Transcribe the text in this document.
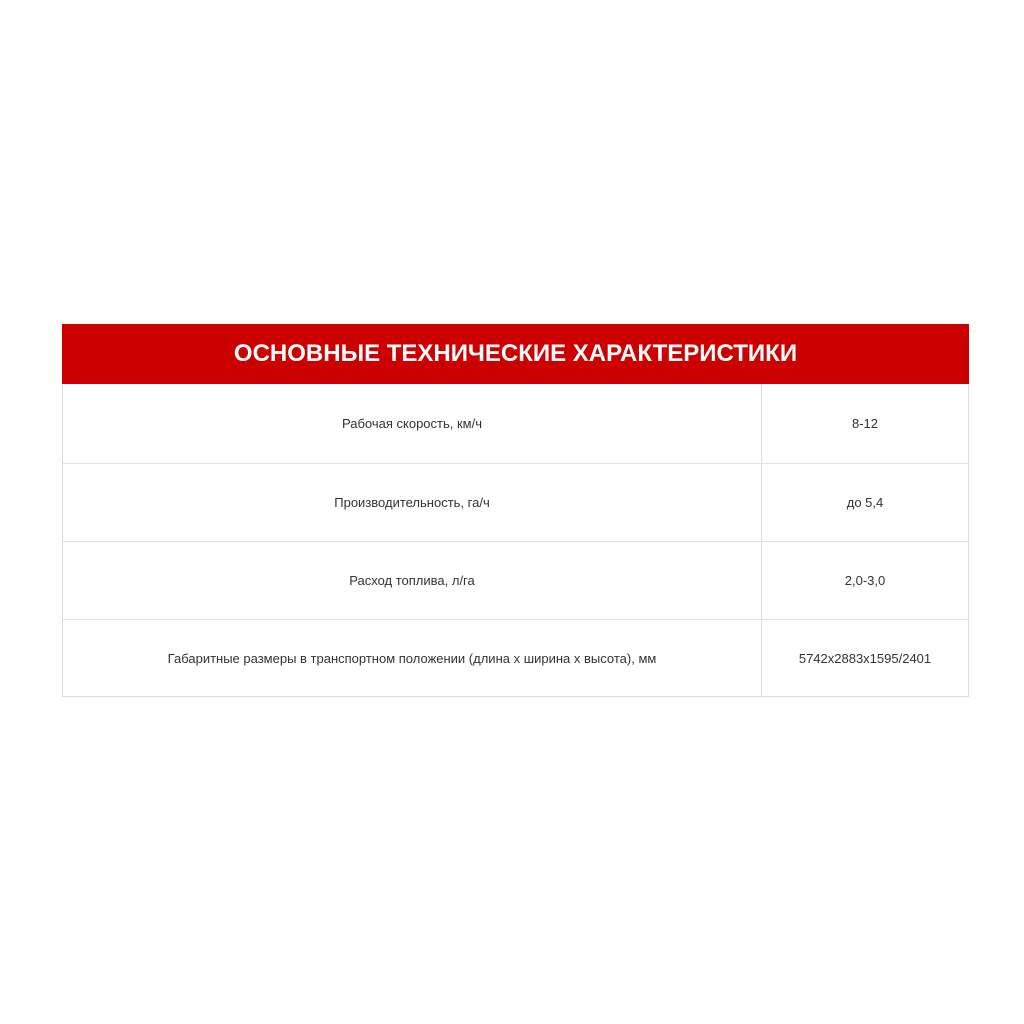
ОСНОВНЫЕ ТЕХНИЧЕСКИЕ ХАРАКТЕРИСТИКИ
Рабочая скорость, км/ч	8-12
Производительность, га/ч	до 5,4
Расход топлива, л/га	2,0-3,0
Габаритные размеры в транспортном положении (длина х ширина х высота), мм	5742x2883x1595/2401
